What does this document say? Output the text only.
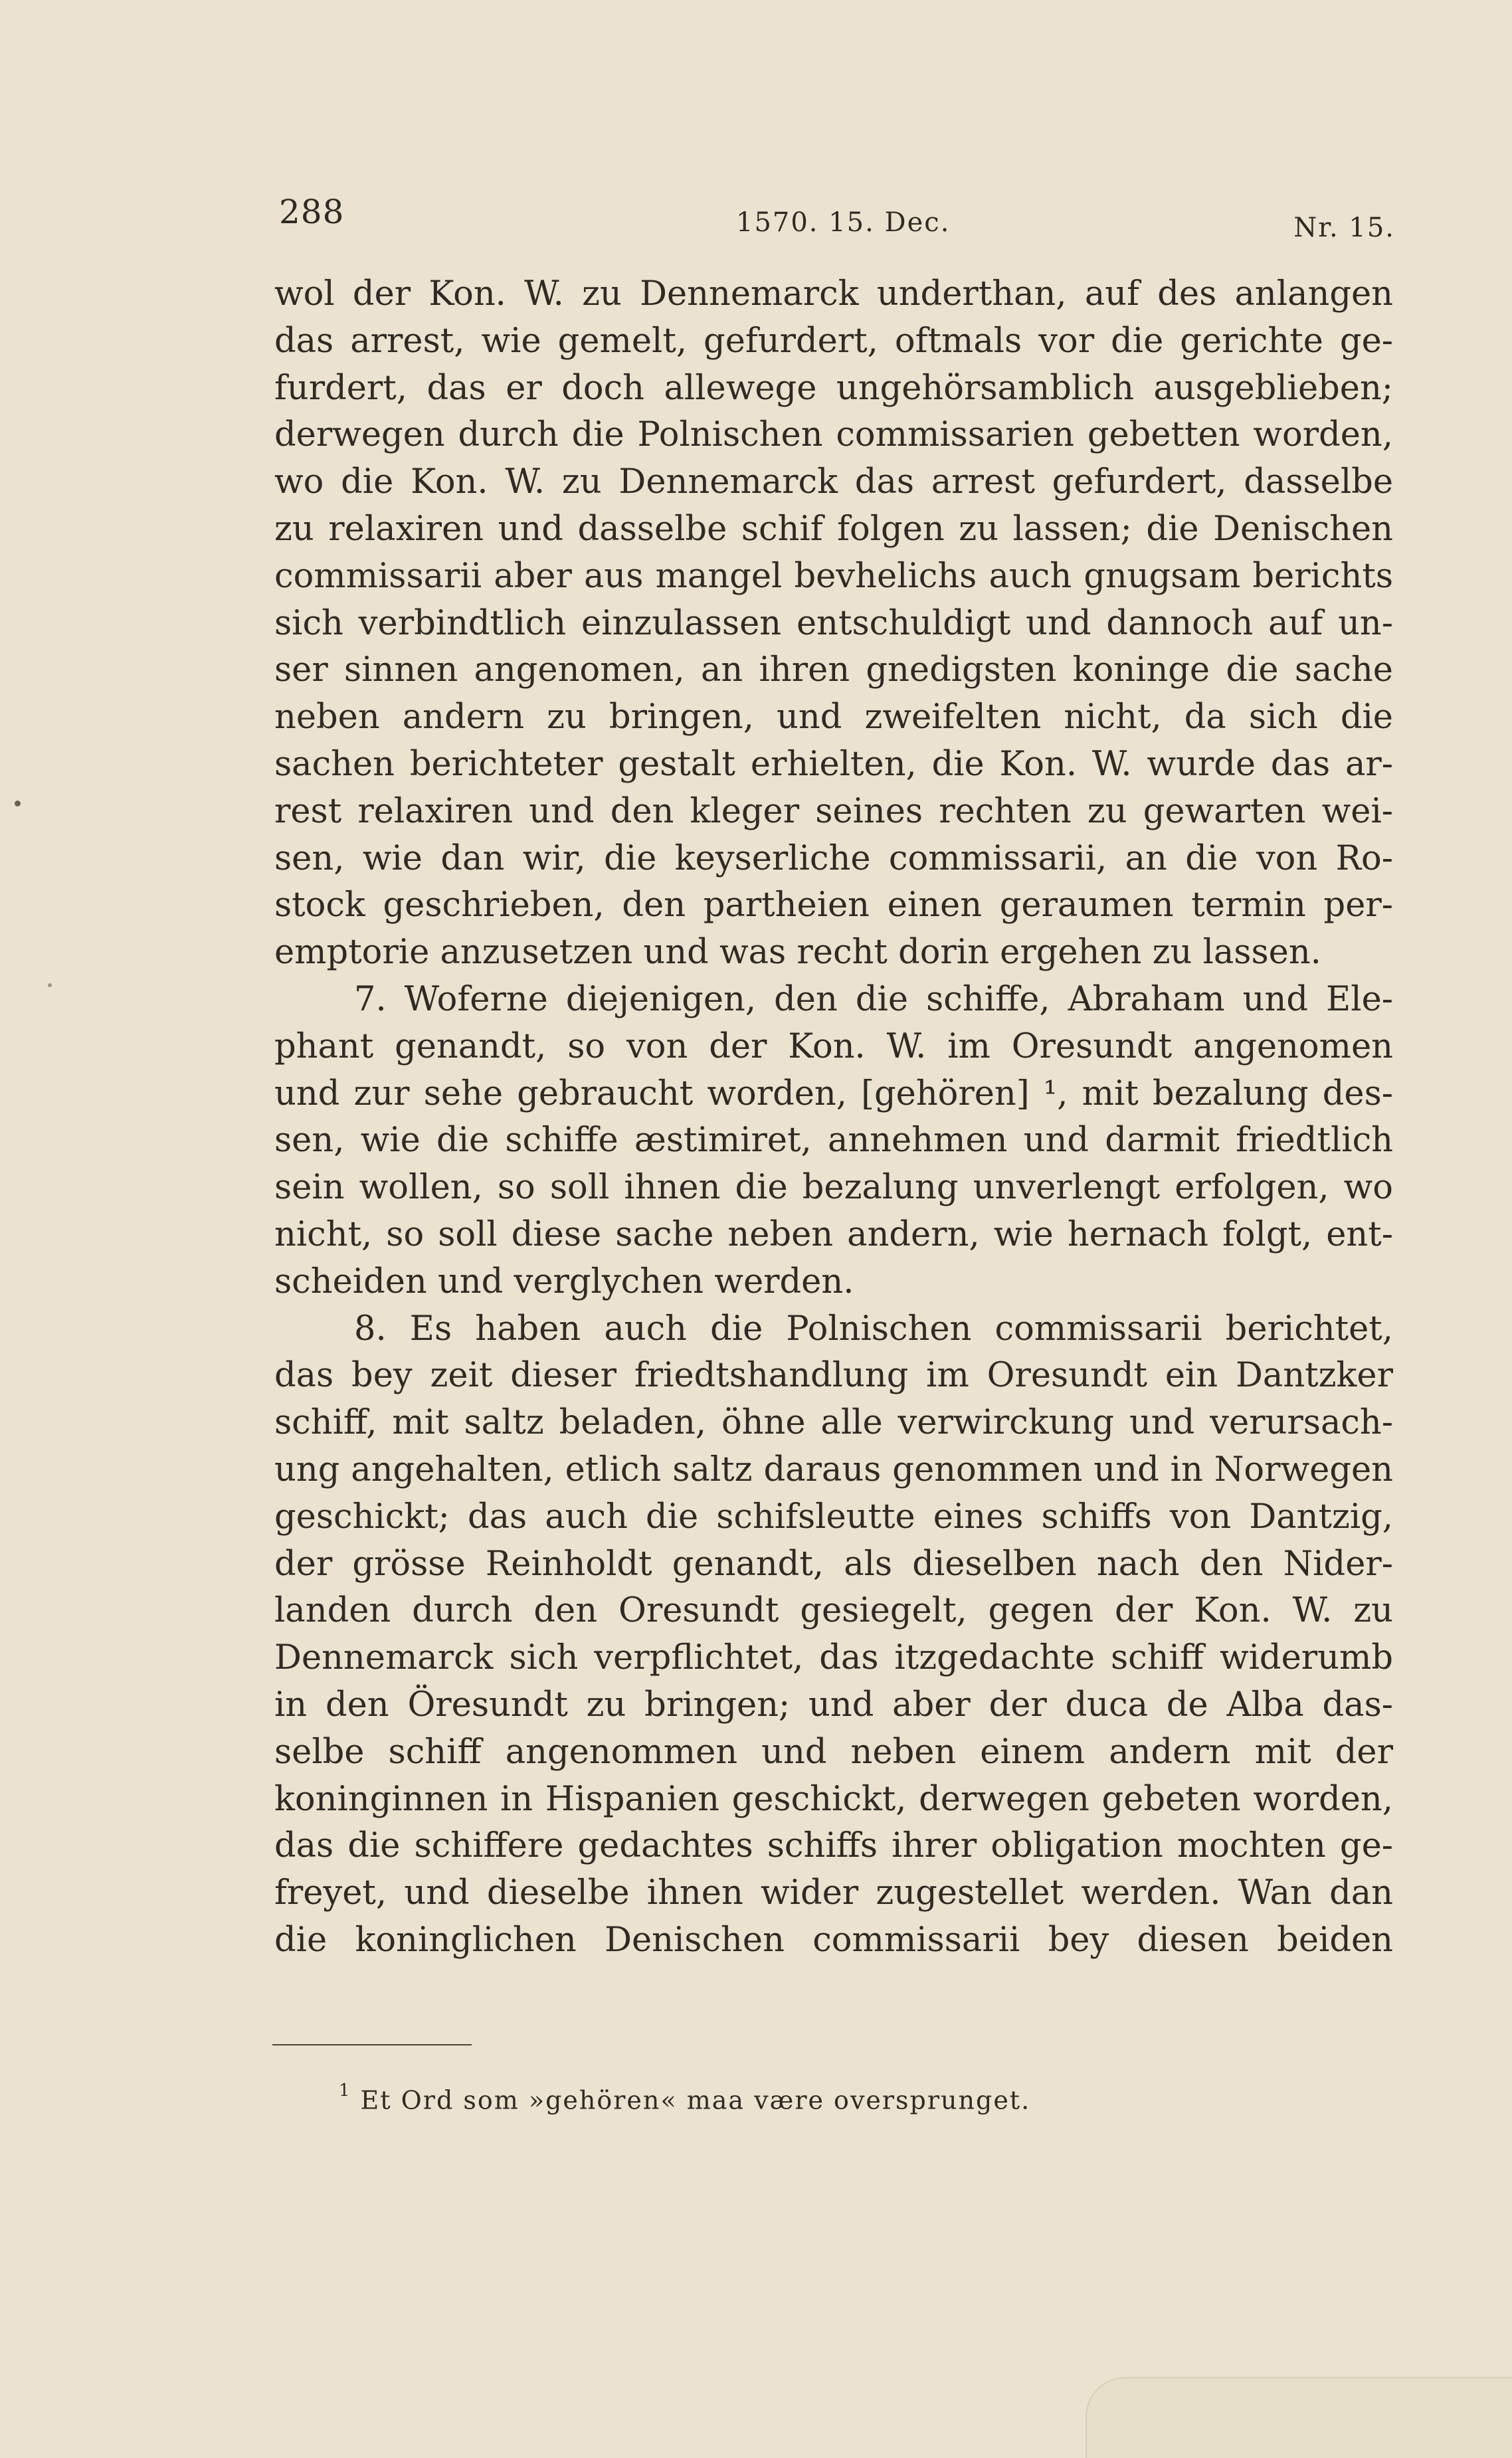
288	1570. 15. Dec.	Nr. 15.
wol der Kon. W. zu Dennemarck underthan, auf des anlangen
das arrest, wie gemelt, gefurdert, oftmals vor die gerichte ge-
furdert, das er doch allewege ungehörsamblich ausgeblieben;
derwegen durch die Polnischen commissarien gebetten worden,
wo die Kon. W. zu Dennemarck das arrest gefurdert, dasselbe
zu relaxiren und dasselbe schif folgen zu lassen; die Denischen
commissarii aber aus mangel bevhelichs auch gnugsam berichts
sich verbindtlich einzulassen entschuldigt und dannoch auf un-
ser sinnen angenomen, an ihren gnedigsten koninge die sache
neben andern zu bringen, und zweifelten nicht, da sich die
sachen berichteter gestalt erhielten, die Kon. W. wurde das ar-
rest relaxiren und den kleger seines rechten zu gewarten wei-
sen, wie dan wir, die keyserliche commissarii, an die von Ro-
stock geschrieben, den partheien einen geraumen termin per-
emptorie anzusetzen und was recht dorin ergehen zu lassen.
7. Woferne diejenigen, den die schiffe, Abraham und Ele-
phant genandt, so von der Kon. W. im Oresundt angenomen
und zur sehe gebraucht worden, [gehören] ¹, mit bezalung des-
sen, wie die schiffe æstimiret, annehmen und darmit friedtlich
sein wollen, so soll ihnen die bezalung unverlengt erfolgen, wo
nicht, so soll diese sache neben andern, wie hernach folgt, ent-
scheiden und verglychen werden.
8. Es haben auch die Polnischen commissarii berichtet,
das bey zeit dieser friedtshandlung im Oresundt ein Dantzker
schiff, mit saltz beladen, öhne alle verwirckung und verursach-
ung angehalten, etlich saltz daraus genommen und in Norwegen
geschickt; das auch die schifsleutte eines schiffs von Dantzig,
der grösse Reinholdt genandt, als dieselben nach den Nider-
landen durch den Oresundt gesiegelt, gegen der Kon. W. zu
Dennemarck sich verpflichtet, das itzgedachte schiff widerumb
in den Öresundt zu bringen; und aber der duca de Alba das-
selbe schiff angenommen und neben einem andern mit der
koninginnen in Hispanien geschickt, derwegen gebeten worden,
das die schiffere gedachtes schiffs ihrer obligation mochten ge-
freyet, und dieselbe ihnen wider zugestellet werden. Wan dan
die koninglichen Denischen commissarii bey diesen beiden
$^1$ Et Ord som »gehören« maa være oversprunget.
